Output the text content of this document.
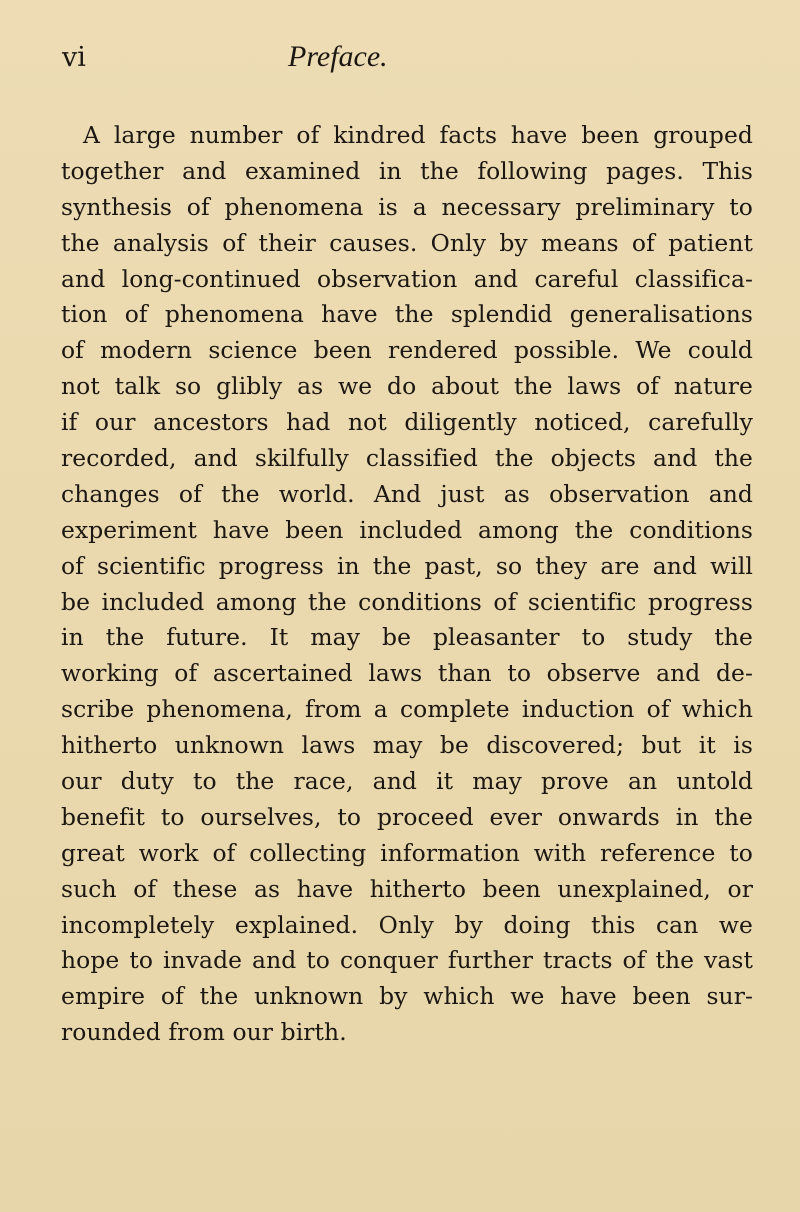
vi	Preface.
A large number of kindred facts have been grouped
together and examined in the following pages. This
synthesis of phenomena is a necessary preliminary to
the analysis of their causes. Only by means of patient
and long-continued observation and careful classifica-
tion of phenomena have the splendid generalisations
of modern science been rendered possible. We could
not talk so glibly as we do about the laws of nature
if our ancestors had not diligently noticed, carefully
recorded, and skilfully classified the objects and the
changes of the world. And just as observation and
experiment have been included among the conditions
of scientific progress in the past, so they are and will
be included among the conditions of scientific progress
in the future. It may be pleasanter to study the
working of ascertained laws than to observe and de-
scribe phenomena, from a complete induction of which
hitherto unknown laws may be discovered; but it is
our duty to the race, and it may prove an untold
benefit to ourselves, to proceed ever onwards in the
great work of collecting information with reference to
such of these as have hitherto been unexplained, or
incompletely explained. Only by doing this can we
hope to invade and to conquer further tracts of the vast
empire of the unknown by which we have been sur-
rounded from our birth.
